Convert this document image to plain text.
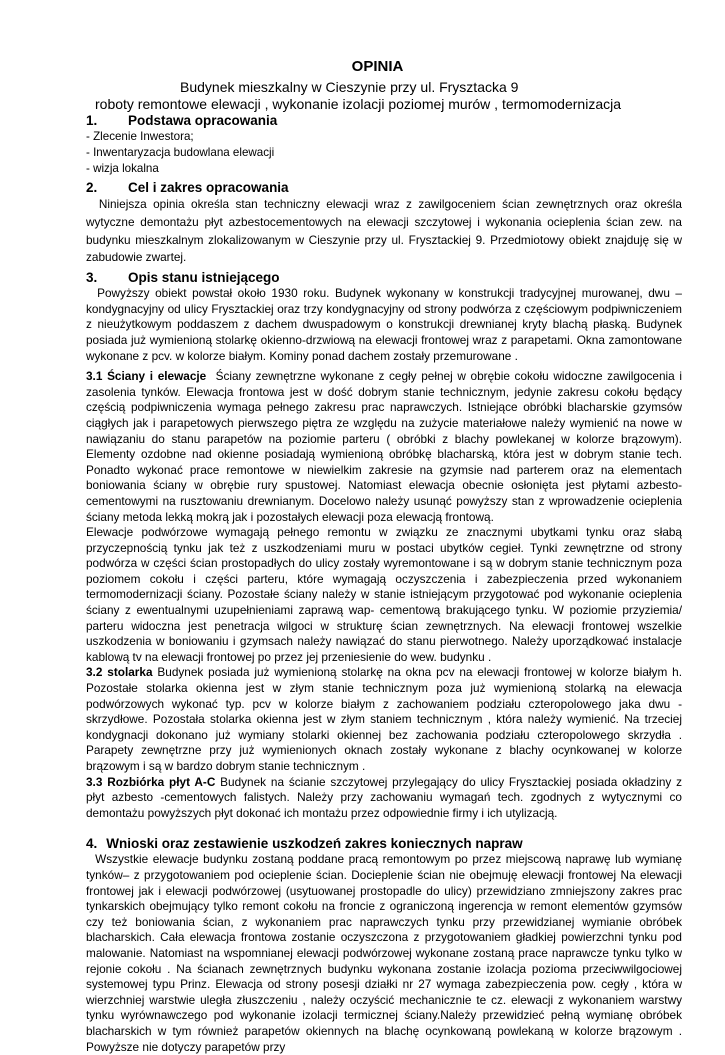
OPINIA

Budynek mieszkalny w Cieszynie przy ul. Frysztacka 9

roboty remontowe elewacji , wykonanie izolacji poziomej murów , termomodernizacja

1.	Podstawa opracowania

- Zlecenie Inwestora;

- Inwentaryzacja budowlana elewacji

- wizja lokalna

2.	Cel i zakres opracowania

Niniejsza opinia określa stan techniczny elewacji wraz z zawilgoceniem ścian zewnętrznych oraz określa wytyczne demontażu płyt azbestocementowych na elewacji szczytowej i wykonania ocieplenia ścian zew. na budynku mieszkalnym zlokalizowanym w Cieszynie przy ul. Frysztackiej 9. Przedmiotowy obiekt znajduję się w zabudowie zwartej.

3.	Opis stanu istniejącego

Powyższy obiekt powstał około 1930 roku. Budynek wykonany w konstrukcji tradycyjnej murowanej, dwu – kondygnacyjny od ulicy Frysztackiej oraz trzy kondygnacyjny od strony podwórza z częściowym podpiwniczeniem z nieużytkowym poddaszem z dachem dwuspadowym o konstrukcji drewnianej kryty blachą płaską. Budynek posiada już wymienioną stolarkę okienno-drzwiową na elewacji frontowej wraz z parapetami. Okna zamontowane wykonane z pcv. w kolorze białym. Kominy ponad dachem zostały przemurowane .

3.1 Ściany i elewacje Ściany zewnętrzne wykonane z cegły pełnej w obrębie cokołu widoczne zawilgocenia i zasolenia tynków. Elewacja frontowa jest w dość dobrym stanie technicznym, jedynie zakresu cokołu będący częścią podpiwniczenia wymaga pełnego zakresu prac naprawczych. Istniejące obróbki blacharskie gzymsów ciągłych jak i parapetowych pierwszego piętra ze względu na zużycie materiałowe należy wymienić na nowe w nawiązaniu do stanu parapetów na poziomie parteru ( obróbki z blachy powlekanej w kolorze brązowym). Elementy ozdobne nad okienne posiadają wymienioną obróbkę blacharską, która jest w dobrym stanie tech. Ponadto wykonać prace remontowe w niewielkim zakresie na gzymsie nad parterem oraz na elementach boniowania ściany w obrębie rury spustowej. Natomiast elewacja obecnie osłonięta jest płytami azbesto-cementowymi na rusztowaniu drewnianym. Docelowo należy usunąć powyższy stan z wprowadzenie ocieplenia ściany metoda lekką mokrą jak i pozostałych elewacji poza elewacją frontową.

Elewacje podwórzowe wymagają pełnego remontu w związku ze znacznymi ubytkami tynku oraz słabą przyczepnością tynku jak też z uszkodzeniami muru w postaci ubytków cegieł. Tynki zewnętrzne od strony podwórza w części ścian prostopadłych do ulicy zostały wyremontowane i są w dobrym stanie technicznym poza poziomem cokołu i części parteru, które wymagają oczyszczenia i zabezpieczenia przed wykonaniem termomodernizacji ściany. Pozostałe ściany należy w stanie istniejącym przygotować pod wykonanie ocieplenia ściany z ewentualnymi uzupełnieniami zaprawą wap- cementową brakującego tynku. W poziomie przyziemia/ parteru widoczna jest penetracja wilgoci w strukturę ścian zewnętrznych. Na elewacji frontowej wszelkie uszkodzenia w boniowaniu i gzymsach należy nawiązać do stanu pierwotnego. Należy uporządkować instalacje kablową tv na elewacji frontowej po przez jej przeniesienie do wew. budynku .

3.2 stolarka Budynek posiada już wymienioną stolarkę na okna pcv na elewacji frontowej w kolorze białym h. Pozostałe stolarka okienna jest w złym stanie technicznym poza już wymienioną stolarką na elewacja podwórzowych wykonać typ. pcv w kolorze białym z zachowaniem podziału czteropolowego jaka dwu - skrzydłowe. Pozostała stolarka okienna jest w złym staniem technicznym , która należy wymienić. Na trzeciej kondygnacji dokonano już wymiany stolarki okiennej bez zachowania podziału czteropolowego skrzydła . Parapety zewnętrzne przy już wymienionych oknach zostały wykonane z blachy ocynkowanej w kolorze brązowym i są w bardzo dobrym stanie technicznym .

3.3 Rozbiórka płyt A-C Budynek na ścianie szczytowej przylegający do ulicy Frysztackiej posiada okładziny z płyt azbesto -cementowych falistych. Należy przy zachowaniu wymagań tech. zgodnych z wytycznymi co demontażu powyższych płyt dokonać ich montażu przez odpowiednie firmy i ich utylizacją.

4. Wnioski oraz zestawienie uszkodzeń zakres koniecznych napraw

Wszystkie elewacje budynku zostaną poddane pracą remontowym po przez miejscową naprawę lub wymianę tynków– z przygotowaniem pod ocieplenie ścian. Docieplenie ścian nie obejmuję elewacji frontowej Na elewacji frontowej jak i elewacji podwórzowej (usytuowanej prostopadle do ulicy) przewidziano zmniejszony zakres prac tynkarskich obejmujący tylko remont cokołu na froncie z ograniczoną ingerencja w remont elementów gzymsów czy też boniowania ścian, z wykonaniem prac naprawczych tynku przy przewidzianej wymianie obróbek blacharskich. Cała elewacja frontowa zostanie oczyszczona z przygotowaniem gładkiej powierzchni tynku pod malowanie. Natomiast na wspomnianej elewacji podwórzowej wykonane zostaną prace naprawcze tynku tylko w rejonie cokołu . Na ścianach zewnętrznych budynku wykonana zostanie izolacja pozioma przeciwwilgociowej systemowej typu Prinz. Elewacja od strony posesji działki nr 27 wymaga zabezpieczenia pow. cegły , która w wierzchniej warstwie uległa złuszczeniu , należy oczyścić mechanicznie te cz. elewacji z wykonaniem warstwy tynku wyrównawczego pod wykonanie izolacji termicznej ściany.Należy przewidzieć pełną wymianę obróbek blacharskich w tym również parapetów okiennych na blachę ocynkowaną powlekaną w kolorze brązowym . Powyższe nie dotyczy parapetów przy
